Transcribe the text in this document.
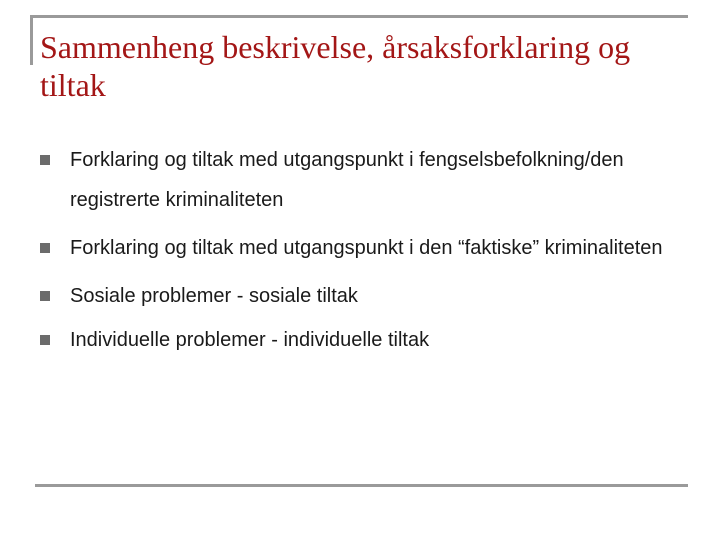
Sammenheng beskrivelse, årsaksforklaring og tiltak
Forklaring og tiltak med utgangspunkt i fengselsbefolkning/den registrerte kriminaliteten
Forklaring og tiltak med utgangspunkt i den “faktiske” kriminaliteten
Sosiale problemer - sosiale tiltak
Individuelle problemer - individuelle tiltak
